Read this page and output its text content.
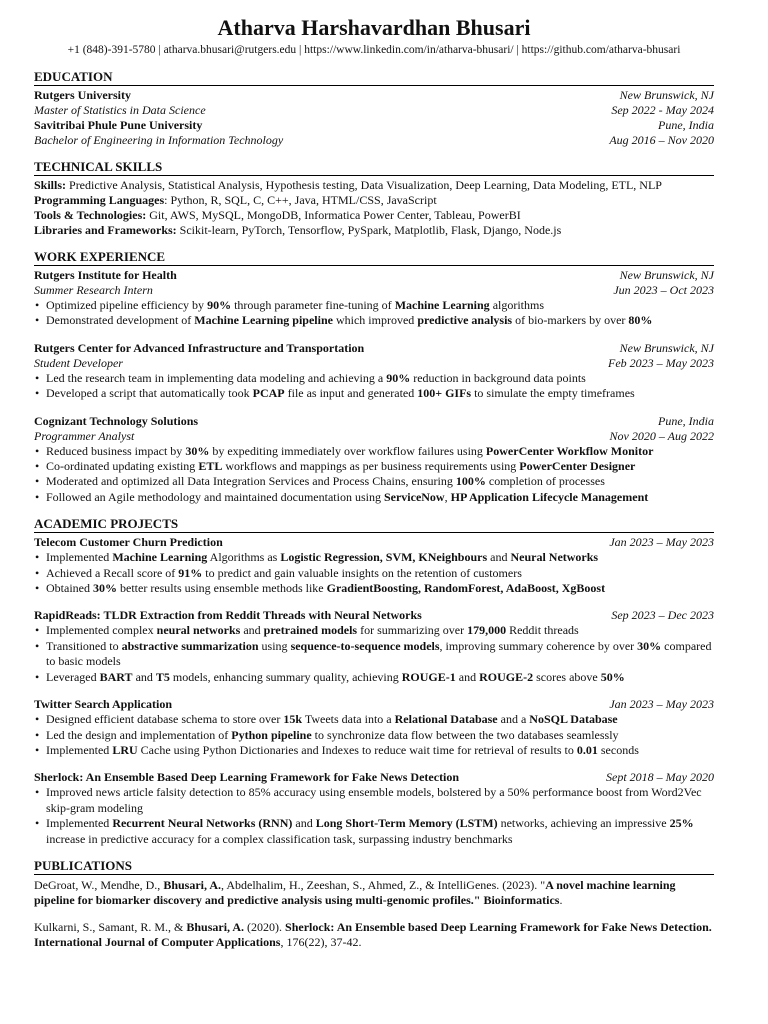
Atharva Harshavardhan Bhusari
+1 (848)-391-5780 | atharva.bhusari@rutgers.edu | https://www.linkedin.com/in/atharva-bhusari/ | https://github.com/atharva-bhusari
EDUCATION
Rutgers University	New Brunswick, NJ
Master of Statistics in Data Science	Sep 2022 - May 2024
Savitribai Phule Pune University	Pune, India
Bachelor of Engineering in Information Technology	Aug 2016 – Nov 2020
TECHNICAL SKILLS
Skills: Predictive Analysis, Statistical Analysis, Hypothesis testing, Data Visualization, Deep Learning, Data Modeling, ETL, NLP
Programming Languages: Python, R, SQL, C, C++, Java, HTML/CSS, JavaScript
Tools & Technologies: Git, AWS, MySQL, MongoDB, Informatica Power Center, Tableau, PowerBI
Libraries and Frameworks: Scikit-learn, PyTorch, Tensorflow, PySpark, Matplotlib, Flask, Django, Node.js
WORK EXPERIENCE
Rutgers Institute for Health	New Brunswick, NJ
Summer Research Intern	Jun 2023 – Oct 2023
• Optimized pipeline efficiency by 90% through parameter fine-tuning of Machine Learning algorithms
• Demonstrated development of Machine Learning pipeline which improved predictive analysis of bio-markers by over 80%
Rutgers Center for Advanced Infrastructure and Transportation	New Brunswick, NJ
Student Developer	Feb 2023 – May 2023
• Led the research team in implementing data modeling and achieving a 90% reduction in background data points
• Developed a script that automatically took PCAP file as input and generated 100+ GIFs to simulate the empty timeframes
Cognizant Technology Solutions	Pune, India
Programmer Analyst	Nov 2020 – Aug 2022
• Reduced business impact by 30% by expediting immediately over workflow failures using PowerCenter Workflow Monitor
• Co-ordinated updating existing ETL workflows and mappings as per business requirements using PowerCenter Designer
• Moderated and optimized all Data Integration Services and Process Chains, ensuring 100% completion of processes
• Followed an Agile methodology and maintained documentation using ServiceNow, HP Application Lifecycle Management
ACADEMIC PROJECTS
Telecom Customer Churn Prediction	Jan 2023 – May 2023
• Implemented Machine Learning Algorithms as Logistic Regression, SVM, KNeighbours and Neural Networks
• Achieved a Recall score of 91% to predict and gain valuable insights on the retention of customers
• Obtained 30% better results using ensemble methods like GradientBoosting, RandomForest, AdaBoost, XgBoost
RapidReads: TLDR Extraction from Reddit Threads with Neural Networks	Sep 2023 – Dec 2023
• Implemented complex neural networks and pretrained models for summarizing over 179,000 Reddit threads
• Transitioned to abstractive summarization using sequence-to-sequence models, improving summary coherence by over 30% compared to basic models
• Leveraged BART and T5 models, enhancing summary quality, achieving ROUGE-1 and ROUGE-2 scores above 50%
Twitter Search Application	Jan 2023 – May 2023
• Designed efficient database schema to store over 15k Tweets data into a Relational Database and a NoSQL Database
• Led the design and implementation of Python pipeline to synchronize data flow between the two databases seamlessly
• Implemented LRU Cache using Python Dictionaries and Indexes to reduce wait time for retrieval of results to 0.01 seconds
Sherlock: An Ensemble Based Deep Learning Framework for Fake News Detection	Sept 2018 – May 2020
• Improved news article falsity detection to 85% accuracy using ensemble models, bolstered by a 50% performance boost from Word2Vec skip-gram modeling
• Implemented Recurrent Neural Networks (RNN) and Long Short-Term Memory (LSTM) networks, achieving an impressive 25% increase in predictive accuracy for a complex classification task, surpassing industry benchmarks
PUBLICATIONS
DeGroat, W., Mendhe, D., Bhusari, A., Abdelhalim, H., Zeeshan, S., Ahmed, Z., & IntelliGenes. (2023). "A novel machine learning pipeline for biomarker discovery and predictive analysis using multi-genomic profiles." Bioinformatics.
Kulkarni, S., Samant, R. M., & Bhusari, A. (2020). Sherlock: An Ensemble based Deep Learning Framework for Fake News Detection. International Journal of Computer Applications, 176(22), 37-42.
